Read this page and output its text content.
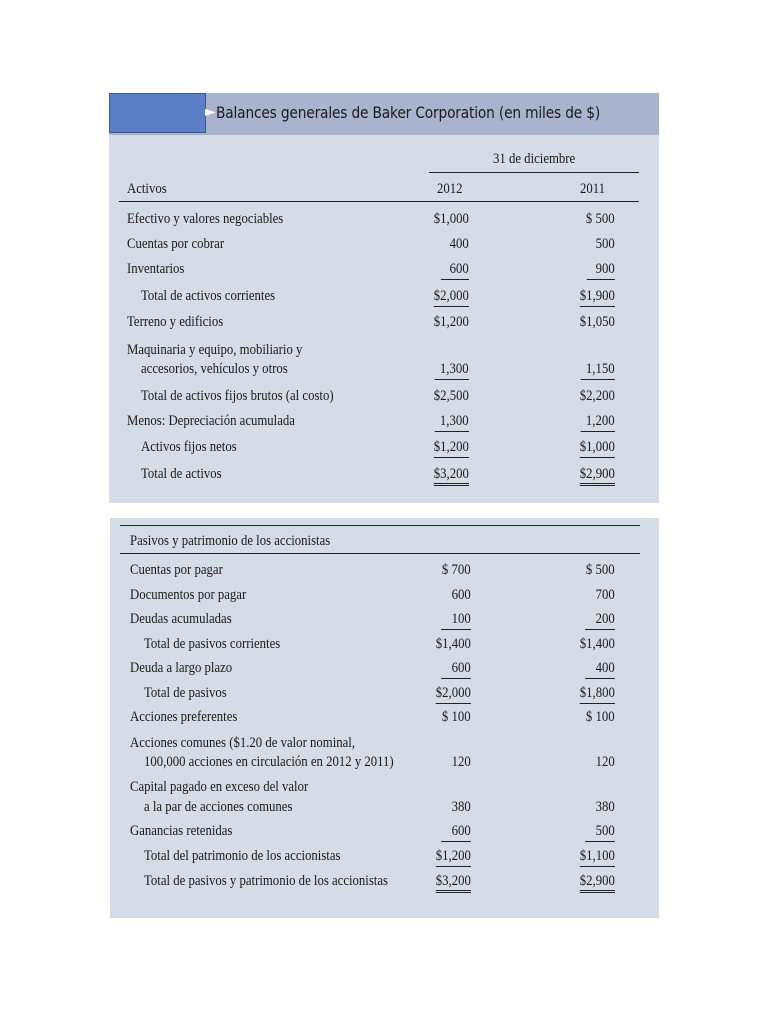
► Balances generales de Baker Corporation (en miles de $)
31 de diciembre
Activos	2012	2011
Efectivo y valores negociables	$1,000	$ 500
Cuentas por cobrar	400	500
Inventarios	600	900
Total de activos corrientes	$2,000	$1,900
Terreno y edificios	$1,200	$1,050
Maquinaria y equipo, mobiliario y
accesorios, vehículos y otros	1,300	1,150
Total de activos fijos brutos (al costo)	$2,500	$2,200
Menos: Depreciación acumulada	1,300	1,200
Activos fijos netos	$1,200	$1,000
Total de activos	$3,200	$2,900
Pasivos y patrimonio de los accionistas
Cuentas por pagar	$ 700	$ 500
Documentos por pagar	600	700
Deudas acumuladas	100	200
Total de pasivos corrientes	$1,400	$1,400
Deuda a largo plazo	600	400
Total de pasivos	$2,000	$1,800
Acciones preferentes	$ 100	$ 100
Acciones comunes ($1.20 de valor nominal,
100,000 acciones en circulación en 2012 y 2011)	120	120
Capital pagado en exceso del valor
a la par de acciones comunes	380	380
Ganancias retenidas	600	500
Total del patrimonio de los accionistas	$1,200	$1,100
Total de pasivos y patrimonio de los accionistas	$3,200	$2,900
